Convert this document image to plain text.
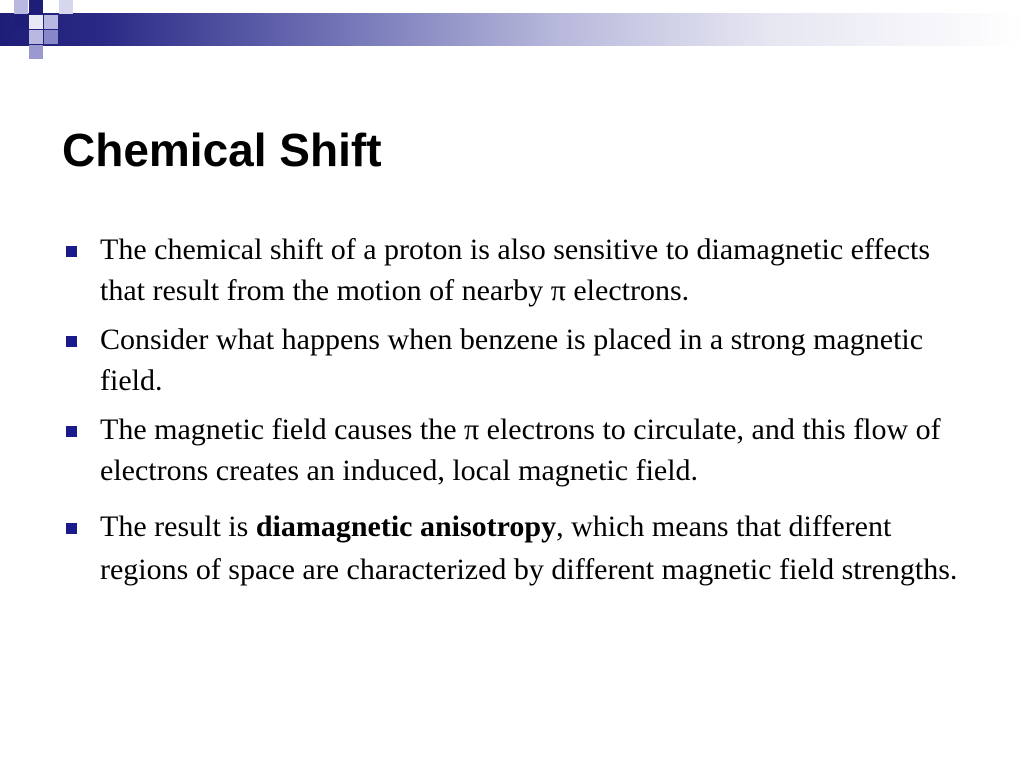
Chemical Shift
The chemical shift of a proton is also sensitive to diamagnetic effects that result from the motion of nearby π electrons.
Consider what happens when benzene is placed in a strong magnetic field.
The magnetic field causes the π electrons to circulate, and this flow of electrons creates an induced, local magnetic field.
The result is diamagnetic anisotropy, which means that different regions of space are characterized by different magnetic field strengths.
